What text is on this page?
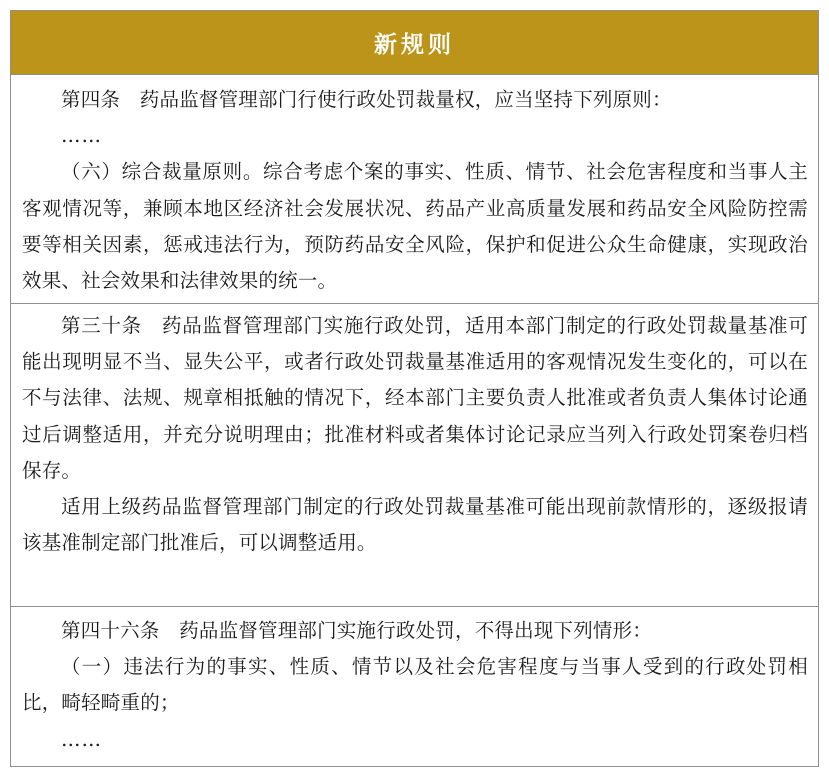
新规则

第四条　药品监督管理部门行使行政处罚裁量权，应当坚持下列原则：

……

（六）综合裁量原则。综合考虑个案的事实、性质、情节、社会危害程度和当事人主客观情况等，兼顾本地区经济社会发展状况、药品产业高质量发展和药品安全风险防控需要等相关因素，惩戒违法行为，预防药品安全风险，保护和促进公众生命健康，实现政治效果、社会效果和法律效果的统一。

第三十条　药品监督管理部门实施行政处罚，适用本部门制定的行政处罚裁量基准可能出现明显不当、显失公平，或者行政处罚裁量基准适用的客观情况发生变化的，可以在不与法律、法规、规章相抵触的情况下，经本部门主要负责人批准或者负责人集体讨论通过后调整适用，并充分说明理由；批准材料或者集体讨论记录应当列入行政处罚案卷归档保存。

适用上级药品监督管理部门制定的行政处罚裁量基准可能出现前款情形的，逐级报请该基准制定部门批准后，可以调整适用。

第四十六条　药品监督管理部门实施行政处罚，不得出现下列情形：

（一）违法行为的事实、性质、情节以及社会危害程度与当事人受到的行政处罚相比，畸轻畸重的；

……
